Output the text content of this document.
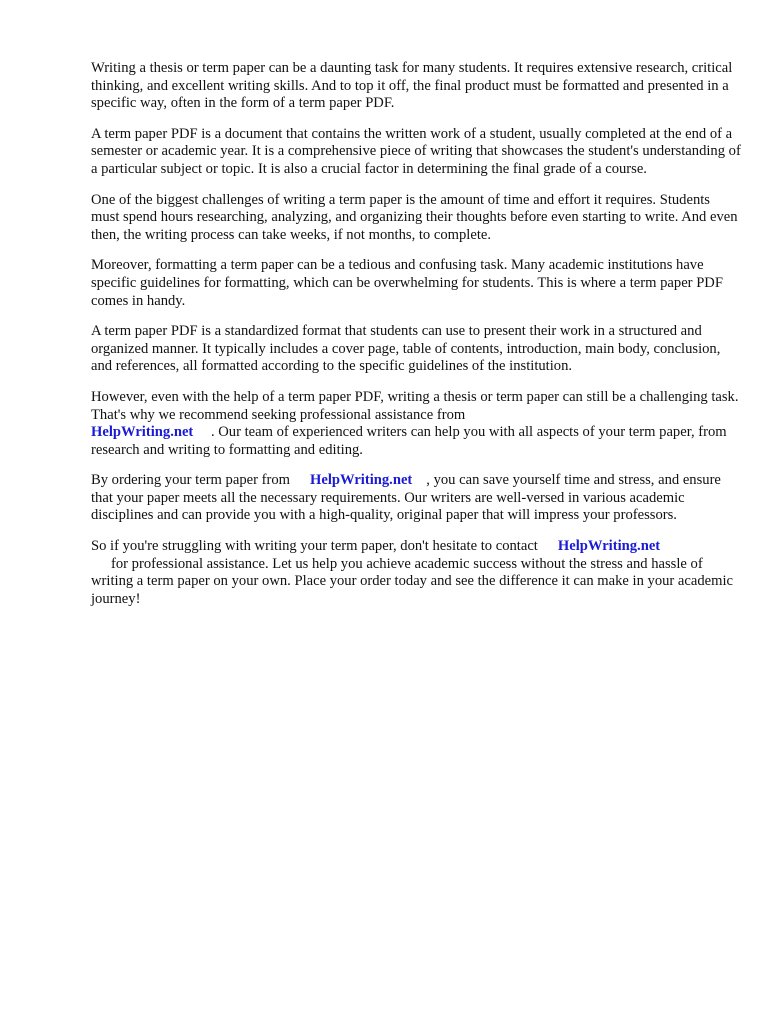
Writing a thesis or term paper can be a daunting task for many students. It requires extensive research, critical thinking, and excellent writing skills. And to top it off, the final product must be formatted and presented in a specific way, often in the form of a term paper PDF.

A term paper PDF is a document that contains the written work of a student, usually completed at the end of a semester or academic year. It is a comprehensive piece of writing that showcases the student's understanding of a particular subject or topic. It is also a crucial factor in determining the final grade of a course.

One of the biggest challenges of writing a term paper is the amount of time and effort it requires. Students must spend hours researching, analyzing, and organizing their thoughts before even starting to write. And even then, the writing process can take weeks, if not months, to complete.

Moreover, formatting a term paper can be a tedious and confusing task. Many academic institutions have specific guidelines for formatting, which can be overwhelming for students. This is where a term paper PDF comes in handy.

A term paper PDF is a standardized format that students can use to present their work in a structured and organized manner. It typically includes a cover page, table of contents, introduction, main body, conclusion, and references, all formatted according to the specific guidelines of the institution.

However, even with the help of a term paper PDF, writing a thesis or term paper can still be a challenging task. That's why we recommend seeking professional assistance from
HelpWriting.net . Our team of experienced writers can help you with all aspects of your term paper, from research and writing to formatting and editing.

By ordering your term paper from HelpWriting.net , you can save yourself time and stress, and ensure that your paper meets all the necessary requirements. Our writers are well-versed in various academic disciplines and can provide you with a high-quality, original paper that will impress your professors.

So if you're struggling with writing your term paper, don't hesitate to contact HelpWriting.net
for professional assistance. Let us help you achieve academic success without the stress and hassle of writing a term paper on your own. Place your order today and see the difference it can make in your academic journey!
